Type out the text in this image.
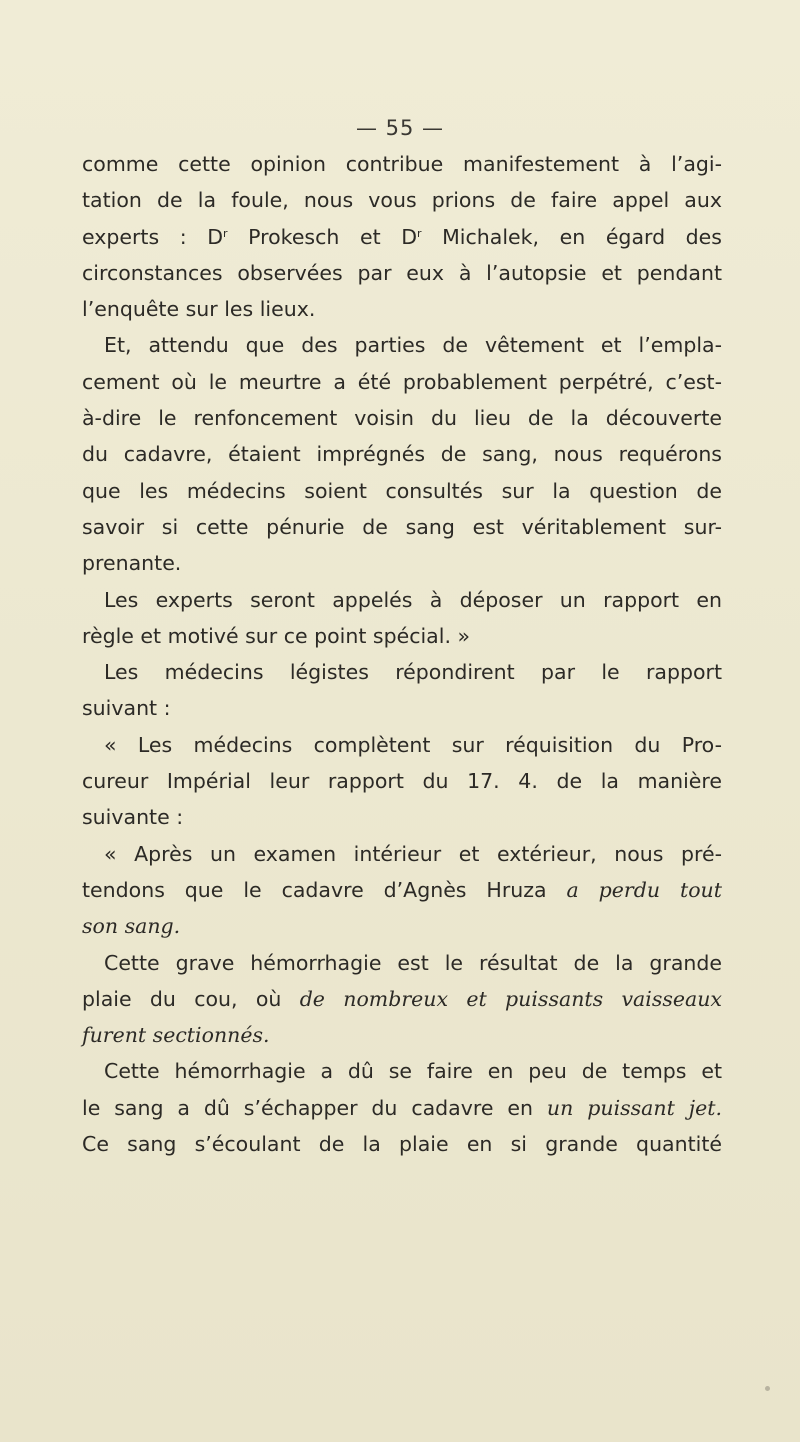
— 55 —
comme cette opinion contribue manifestement à l’agi-
tation de la foule, nous vous prions de faire appel aux
experts : $D^r$ Prokesch et $D^r$ Michalek, en égard des
circonstances observées par eux à l’autopsie et pendant
l’enquête sur les lieux.
Et, attendu que des parties de vêtement et l’empla-
cement où le meurtre a été probablement perpétré, c’est-
à-dire le renfoncement voisin du lieu de la découverte
du cadavre, étaient imprégnés de sang, nous requérons
que les médecins soient consultés sur la question de
savoir si cette pénurie de sang est véritablement sur-
prenante.
Les experts seront appelés à déposer un rapport en
règle et motivé sur ce point spécial. »
Les médecins légistes répondirent par le rapport
suivant :
« Les médecins complètent sur réquisition du Pro-
cureur Impérial leur rapport du 17. 4. de la manière
suivante :
« Après un examen intérieur et extérieur, nous pré-
tendons que le cadavre d’Agnès Hruza a perdu tout
son sang.
Cette grave hémorrhagie est le résultat de la grande
plaie du cou, où de nombreux et puissants vaisseaux
furent sectionnés.
Cette hémorrhagie a dû se faire en peu de temps et
le sang a dû s’échapper du cadavre en un puissant jet.
Ce sang s’écoulant de la plaie en si grande quantité
